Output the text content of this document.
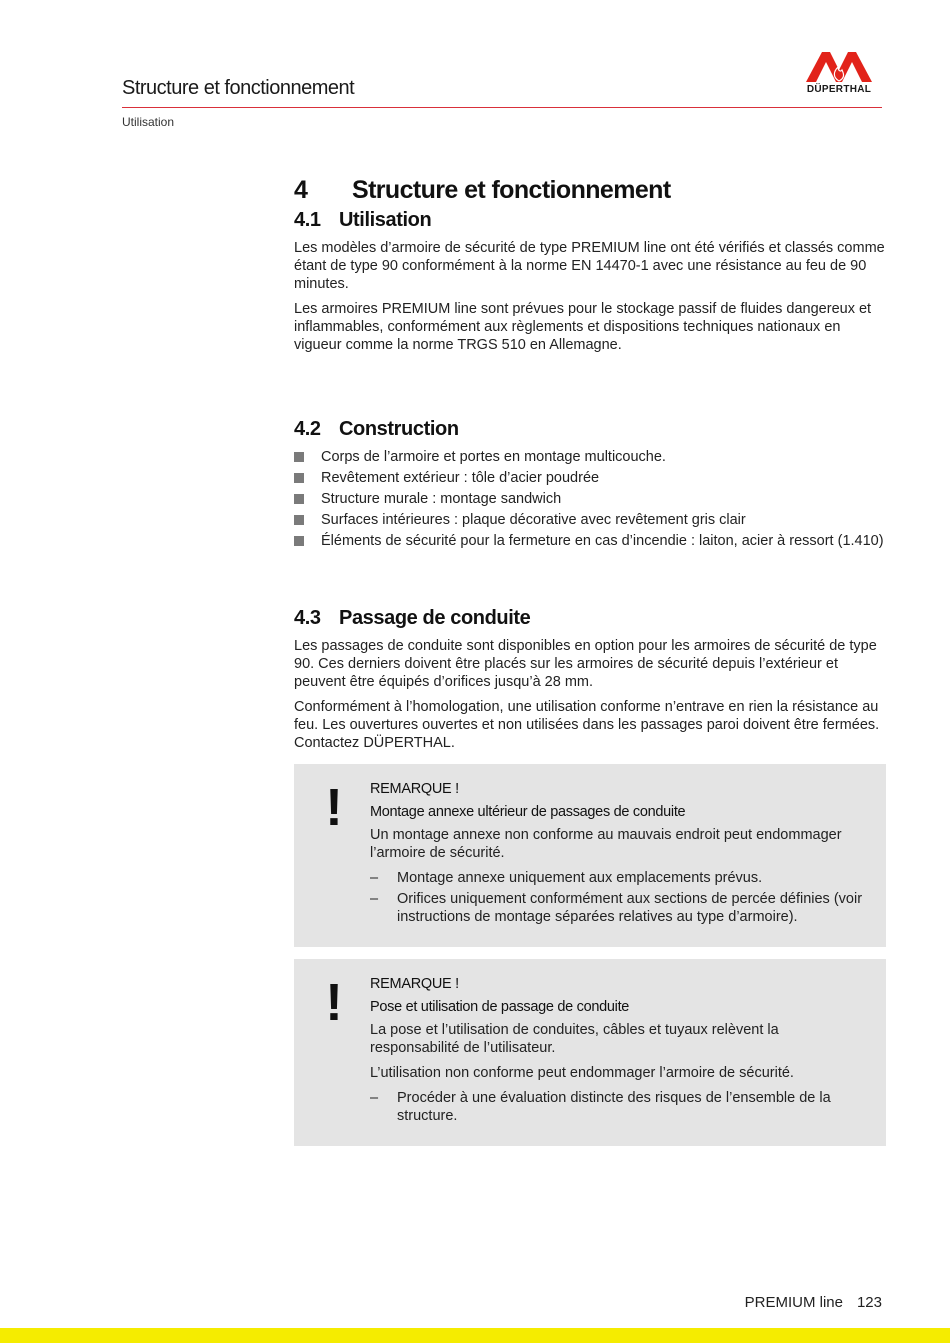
Structure et fonctionnement
Utilisation
DÜPERTHAL
4 Structure et fonctionnement
4.1 Utilisation

Les modèles d’armoire de sécurité de type PREMIUM line ont été vérifiés et classés comme étant de type 90 conformément à la norme EN 14470-1 avec une résistance au feu de 90 minutes.

Les armoires PREMIUM line sont prévues pour le stockage passif de fluides dangereux et inflammables, conformément aux règlements et dispositions techniques nationaux en vigueur comme la norme TRGS 510 en Allemagne.

4.2 Construction
Corps de l’armoire et portes en montage multicouche.
Revêtement extérieur : tôle d’acier poudrée
Structure murale : montage sandwich
Surfaces intérieures : plaque décorative avec revêtement gris clair
Éléments de sécurité pour la fermeture en cas d’incendie : laiton, acier à ressort (1.410)
4.3 Passage de conduite

Les passages de conduite sont disponibles en option pour les armoires de sécurité de type 90. Ces derniers doivent être placés sur les armoires de sécurité depuis l’extérieur et peuvent être équipés d’orifices jusqu’à 28 mm.

Conformément à l’homologation, une utilisation conforme n’entrave en rien la résistance au feu. Les ouvertures ouvertes et non utilisées dans les passages paroi doivent être fermées. Contactez DÜPERTHAL.

! REMARQUE !
Montage annexe ultérieur de passages de conduite

Un montage annexe non conforme au mauvais endroit peut endommager l’armoire de sécurité.

– Montage annexe uniquement aux emplacements prévus.
– Orifices uniquement conformément aux sections de percée définies (voir instructions de montage séparées relatives au type d’armoire).
! REMARQUE !
Pose et utilisation de passage de conduite

La pose et l’utilisation de conduites, câbles et tuyaux relèvent la responsabilité de l’utilisateur.

L’utilisation non conforme peut endommager l’armoire de sécurité.

– Procéder à une évaluation distincte des risques de l’ensemble de la structure.
PREMIUM line 123
